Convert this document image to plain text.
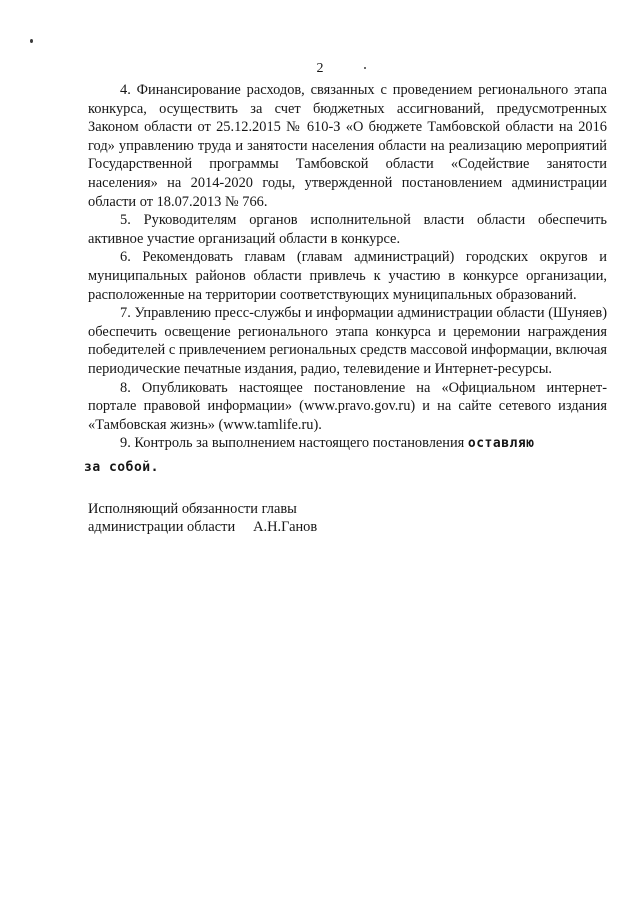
2

4. Финансирование расходов, связанных с проведением регионального этапа конкурса, осуществить за счет бюджетных ассигнований, предусмотренных Законом области от 25.12.2015 № 610-З «О бюджете Тамбовской области на 2016 год» управлению труда и занятости населения области на реализацию мероприятий Государственной программы Тамбовской области «Содействие занятости населения» на 2014-2020 годы, утвержденной постановлением администрации области от 18.07.2013 № 766.

5. Руководителям органов исполнительной власти области обеспечить активное участие организаций области в конкурсе.

6. Рекомендовать главам (главам администраций) городских округов и муниципальных районов области привлечь к участию в конкурсе организации, расположенные на территории соответствующих муниципальных образований.

7. Управлению пресс-службы и информации администрации области (Шуняев) обеспечить освещение регионального этапа конкурса и церемонии награждения победителей с привлечением региональных средств массовой информации, включая периодические печатные издания, радио, телевидение и Интернет-ресурсы.

8. Опубликовать настоящее постановление на «Официальном интернет-портале правовой информации» (www.pravo.gov.ru) и на сайте сетевого издания «Тамбовская жизнь» (www.tamlife.ru).

9. Контроль за выполнением настоящего постановления оставляю
за собой.

Исполняющий обязанности главы
администрации области     А.Н.Ганов
